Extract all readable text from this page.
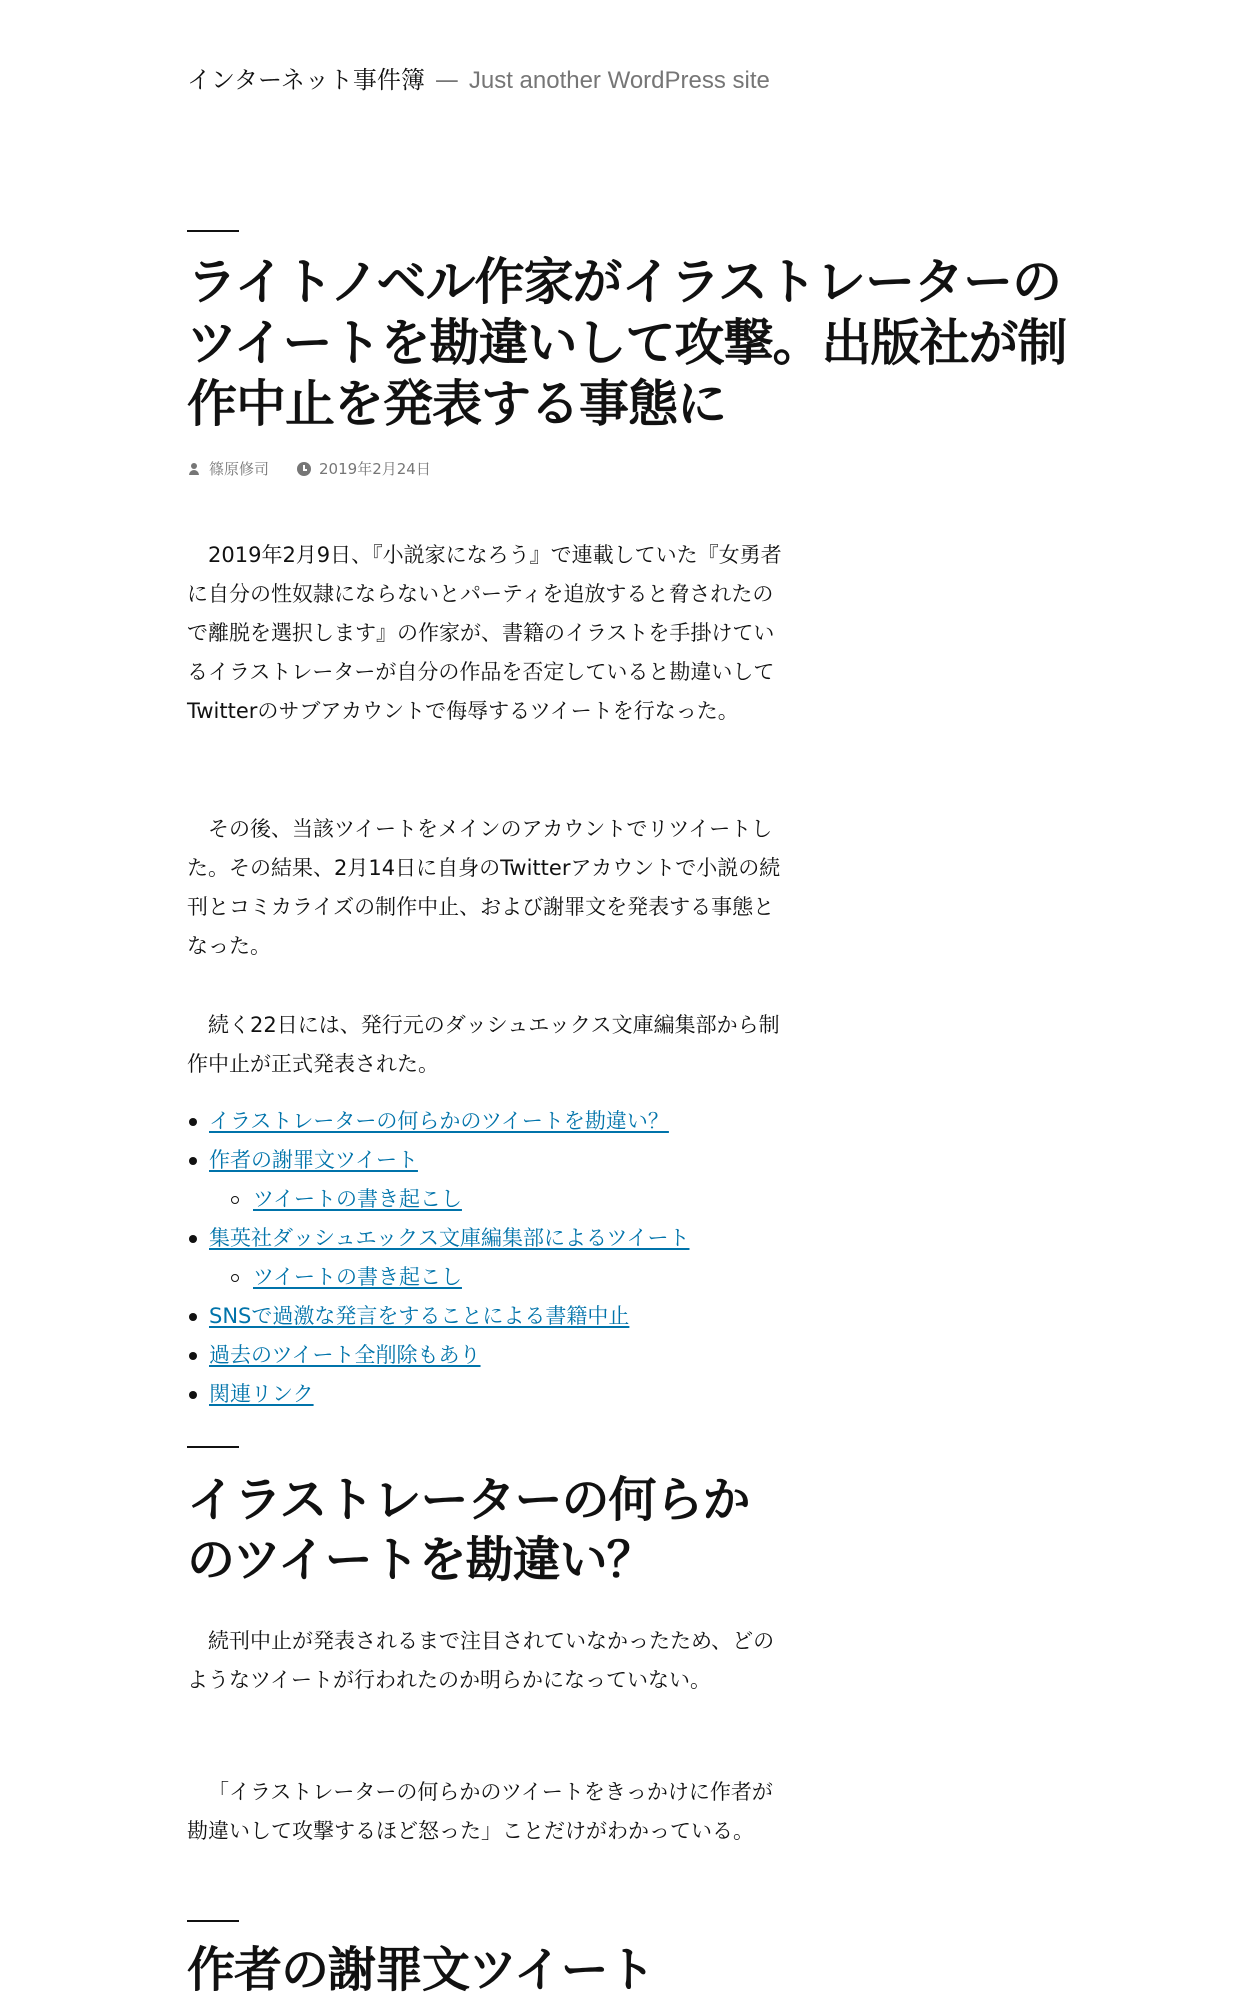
インターネット事件簿 — Just another WordPress site
ライトノベル作家がイラストレーターのツイートを勘違いして攻撃。出版社が制作中止を発表する事態に
篠原修司	2019年2月24日

2019年2月9日、『小説家になろう』で連載していた『女勇者に自分の性奴隷にならないとパーティを追放すると脅されたので離脱を選択します』の作家が、書籍のイラストを手掛けているイラストレーターが自分の作品を否定していると勘違いしてTwitterのサブアカウントで侮辱するツイートを行なった。

その後、当該ツイートをメインのアカウントでリツイートした。その結果、2月14日に自身のTwitterアカウントで小説の続刊とコミカライズの制作中止、および謝罪文を発表する事態となった。

続く22日には、発行元のダッシュエックス文庫編集部から制作中止が正式発表された。

イラストレーターの何らかのツイートを勘違い？
作者の謝罪文ツイート
ツイートの書き起こし
集英社ダッシュエックス文庫編集部によるツイート
ツイートの書き起こし
SNSで過激な発言をすることによる書籍中止
過去のツイート全削除もあり
関連リンク
イラストレーターの何らかのツイートを勘違い？

続刊中止が発表されるまで注目されていなかったため、どのようなツイートが行われたのか明らかになっていない。

「イラストレーターの何らかのツイートをきっかけに作者が勘違いして攻撃するほど怒った」ことだけがわかっている。

作者の謝罪文ツイート
